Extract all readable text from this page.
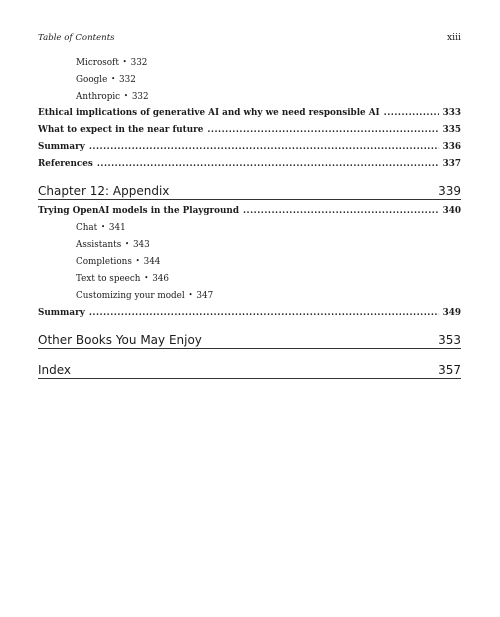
Table of Contents	xiii
Microsoft • 332
Google • 332
Anthropic • 332
Ethical implications of generative AI and why we need responsible AI .....	333
What to expect in the near future .....	335
Summary .....	336
References .....	337
Chapter 12: Appendix	339
Trying OpenAI models in the Playground .....	340
Chat • 341
Assistants • 343
Completions • 344
Text to speech • 346
Customizing your model • 347
Summary .....	349
Other Books You May Enjoy	353
Index	357
